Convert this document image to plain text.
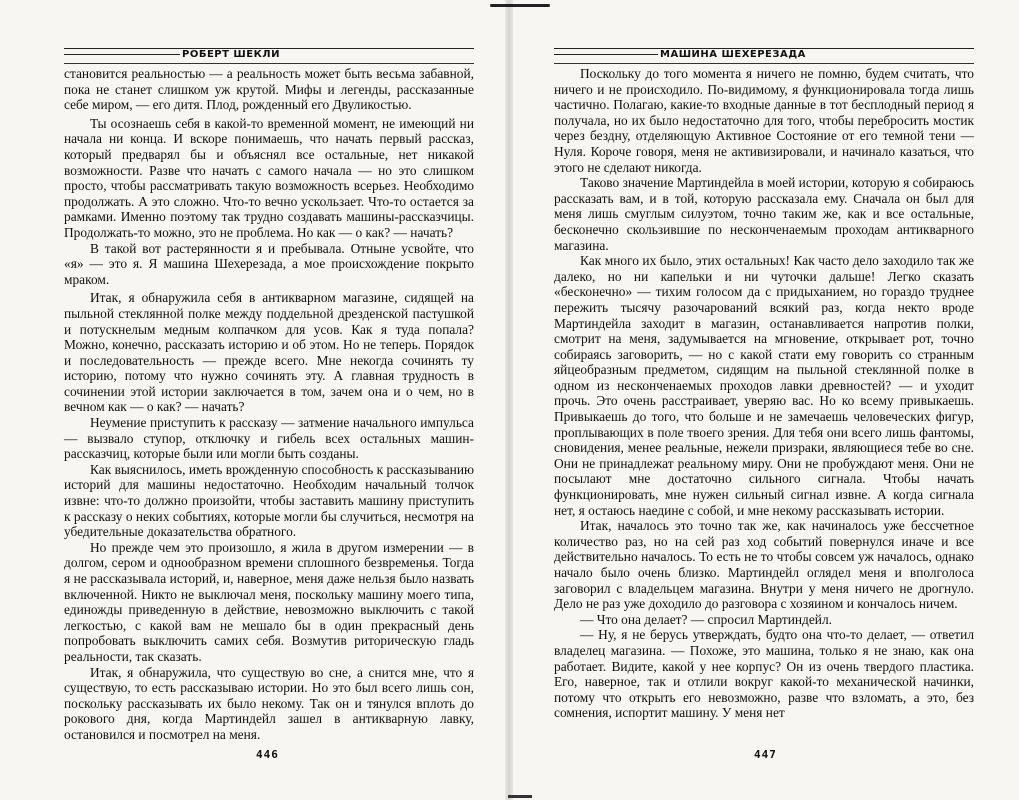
РОБЕРТ ШЕКЛИ

становится реальностью — а реальность может быть весьма забавной, пока не станет слишком уж крутой. Мифы и легенды, рассказанные себе миром, — его дитя. Плод, рожденный его Двуликостью.

Ты осознаешь себя в какой-то временной момент, не имеющий ни начала ни конца. И вскоре понимаешь, что начать первый рассказ, который предварял бы и объяснял все остальные, нет никакой возможности. Разве что начать с самого начала — но это слишком просто, чтобы рассматривать такую возможность всерьез. Необходимо продолжать. А это сложно. Что-то вечно ускользает. Что-то остается за рамками. Именно поэтому так трудно создавать машины-рассказчицы. Продолжать-то можно, это не проблема. Но как — о как? — начать?

В такой вот растерянности я и пребывала. Отныне усвойте, что «я» — это я. Я машина Шехерезада, а мое происхождение покрыто мраком.

Итак, я обнаружила себя в антикварном магазине, сидящей на пыльной стеклянной полке между поддельной дрезденской пастушкой и потускнелым медным колпачком для усов. Как я туда попала? Можно, конечно, рассказать историю и об этом. Но не теперь. Порядок и последовательность — прежде всего. Мне некогда сочинять ту историю, потому что нужно сочинять эту. А главная трудность в сочинении этой истории заключается в том, зачем она и о чем, но в вечном как — о как? — начать?

Неумение приступить к рассказу — затмение начального импульса — вызвало ступор, отключку и гибель всех остальных машин-рассказчиц, которые были или могли быть созданы.

Как выяснилось, иметь врожденную способность к рассказыванию историй для машины недостаточно. Необходим начальный толчок извне: что-то должно произойти, чтобы заставить машину приступить к рассказу о неких событиях, которые могли бы случиться, несмотря на убедительные доказательства обратного.

Но прежде чем это произошло, я жила в другом измерении — в долгом, сером и однообразном времени сплошного безвременья. Тогда я не рассказывала историй, и, наверное, меня даже нельзя было назвать включенной. Никто не выключал меня, поскольку машину моего типа, единожды приведенную в действие, невозможно выключить с такой легкостью, с какой вам не мешало бы в один прекрасный день попробовать выключить самих себя. Возмутив риторическую гладь реальности, так сказать.

Итак, я обнаружила, что существую во сне, а снится мне, что я существую, то есть рассказываю истории. Но это был всего лишь сон, поскольку рассказывать их было некому. Так он и тянулся вплоть до рокового дня, когда Мартиндейл зашел в антикварную лавку, остановился и посмотрел на меня.

446
МАШИНА ШЕХЕРЕЗАДА

Поскольку до того момента я ничего не помню, будем считать, что ничего и не происходило. По-видимому, я функционировала тогда лишь частично. Полагаю, какие-то входные данные в тот бесплодный период я получала, но их было недостаточно для того, чтобы перебросить мостик через бездну, отделяющую Активное Состояние от его темной тени — Нуля. Короче говоря, меня не активизировали, и начинало казаться, что этого не сделают никогда.

Таково значение Мартиндейла в моей истории, которую я собираюсь рассказать вам, и в той, которую рассказала ему. Сначала он был для меня лишь смуглым силуэтом, точно таким же, как и все остальные, бесконечно скользившие по несконченаемым проходам антикварного магазина.

Как много их было, этих остальных! Как часто дело заходило так же далеко, но ни капельки и ни чуточки дальше! Легко сказать «бесконечно» — тихим голосом да с придыханием, но гораздо труднее пережить тысячу разочарований всякий раз, когда некто вроде Мартиндейла заходит в магазин, останавливается напротив полки, смотрит на меня, задумывается на мгновение, открывает рот, точно собираясь заговорить, — но с какой стати ему говорить со странным яйцеобразным предметом, сидящим на пыльной стеклянной полке в одном из несконченаемых проходов лавки древностей? — и уходит прочь. Это очень расстраивает, уверяю вас. Но ко всему привыкаешь. Привыкаешь до того, что больше и не замечаешь человеческих фигур, проплывающих в поле твоего зрения. Для тебя они всего лишь фантомы, сновидения, менее реальные, нежели призраки, являющиеся тебе во сне. Они не принадлежат реальному миру. Они не пробуждают меня. Они не посылают мне достаточно сильного сигнала. Чтобы начать функционировать, мне нужен сильный сигнал извне. А когда сигнала нет, я остаюсь наедине с собой, и мне некому рассказывать истории.

Итак, началось это точно так же, как начиналось уже бессчетное количество раз, но на сей раз ход событий повернулся иначе и все действительно началось. То есть не то чтобы совсем уж началось, однако начало было очень близко. Мартиндейл оглядел меня и вполголоса заговорил с владельцем магазина. Внутри у меня ничего не дрогнуло. Дело не раз уже доходило до разговора с хозяином и кончалось ничем.

— Что она делает? — спросил Мартиндейл.

— Ну, я не берусь утверждать, будто она что-то делает, — ответил владелец магазина. — Похоже, это машина, только я не знаю, как она работает. Видите, какой у нее корпус? Он из очень твердого пластика. Его, наверное, так и отлили вокруг какой-то механической начинки, потому что открыть его невозможно, разве что взломать, а это, без сомнения, испортит машину. У меня нет

447
